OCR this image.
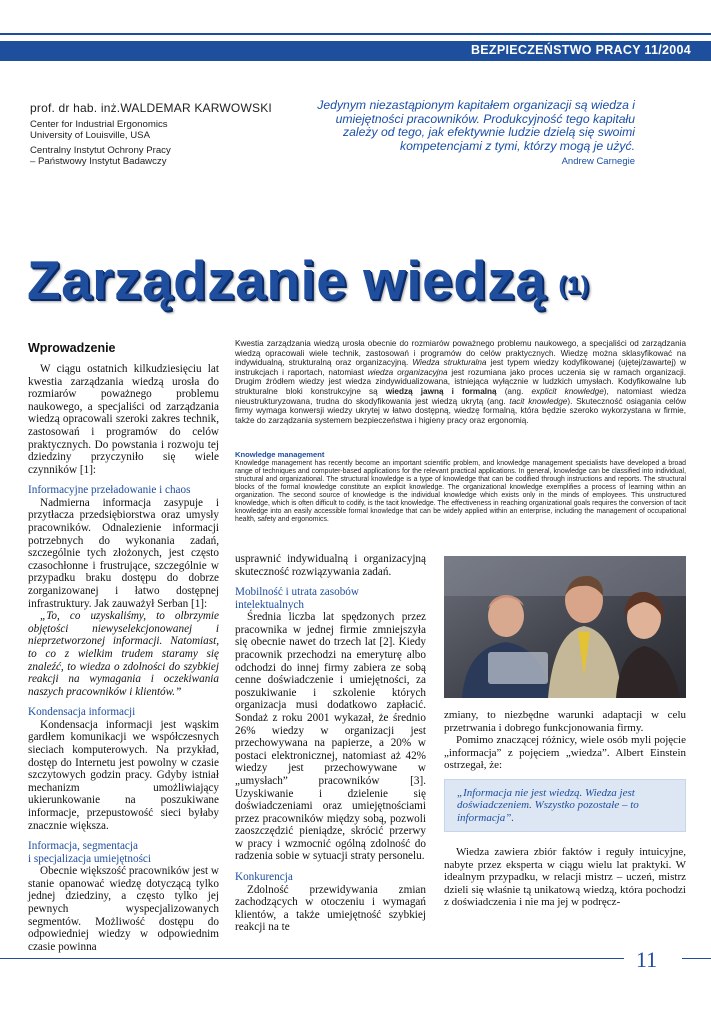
BEZPIECZEŃSTWO PRACY 11/2004
prof. dr hab. inż.WALDEMAR KARWOWSKI
Center for Industrial Ergonomics
University of Louisville, USA
Centralny Instytut Ochrony Pracy
– Państwowy Instytut Badawczy
Jedynym niezastąpionym kapitałem organizacji są wiedza i umiejętności pracowników. Produkcyjność tego kapitału zależy od tego, jak efektywnie ludzie dzielą się swoimi kompetencjami z tymi, którzy mogą je użyć.
Andrew Carnegie
Zarządzanie wiedzą (1)
Wprowadzenie
W ciągu ostatnich kilkudziesięciu lat kwestia zarządzania wiedzą urosła do rozmiarów poważnego problemu naukowego, a specjaliści od zarządzania wiedzą opracowali szeroki zakres technik, zastosowań i programów do celów praktycznych. Do powstania i rozwoju tej dziedziny przyczyniło się wiele czynników [1]:
Informacyjne przeładowanie i chaos
Nadmierna informacja zasypuje i przytłacza przedsiębiorstwa oraz umysły pracowników. Odnalezienie informacji potrzebnych do wykonania zadań, szczególnie tych złożonych, jest często czasochłonne i frustrujące, szczególnie w przypadku braku dostępu do dobrze zorganizowanej i łatwo dostępnej infrastruktury. Jak zauważył Serban [1]:
„To, co uzyskaliśmy, to olbrzymie objętości niewyselekcjonowanej i nieprzetworzonej informacji. Natomiast, to co z wielkim trudem staramy się znaleźć, to wiedza o zdolności do szybkiej reakcji na wymagania i oczekiwania naszych pracowników i klientów.”
Kondensacja informacji
Kondensacja informacji jest wąskim gardłem komunikacji we współczesnych sieciach komputerowych. Na przykład, dostęp do Internetu jest powolny w czasie szczytowych godzin pracy. Gdyby istniał mechanizm umożliwiający ukierunkowanie na poszukiwane informacje, przepustowość sieci byłaby znacznie większa.
Informacja, segmentacja
i specjalizacja umiejętności
Obecnie większość pracowników jest w stanie opanować wiedzę dotyczącą tylko jednej dziedziny, a często tylko jej pewnych wyspecjalizowanych segmentów. Możliwość dostępu do odpowiedniej wiedzy w odpowiednim czasie powinna
Kwestia zarządzania wiedzą urosła obecnie do rozmiarów poważnego problemu naukowego, a specjaliści od zarządzania wiedzą opracowali wiele technik, zastosowań i programów do celów praktycznych. Wiedzę można sklasyfikować na indywidualną, strukturalną oraz organizacyjną. Wiedza strukturalna jest typem wiedzy kodyfikowanej (ujętej/zawartej) w instrukcjach i raportach, natomiast wiedza organizacyjna jest rozumiana jako proces uczenia się w ramach organizacji. Drugim źródłem wiedzy jest wiedza zindywidualizowana, istniejąca wyłącznie w ludzkich umysłach. Kodyfikowalne lub strukturalne bloki konstrukcyjne są wiedzą jawną i formalną (ang. explicit knowledge), natomiast wiedza nieustrukturyzowana, trudna do skodyfikowania jest wiedzą ukrytą (ang. tacit knowledge). Skuteczność osiągania celów firmy wymaga konwersji wiedzy ukrytej w łatwo dostępną, wiedzę formalną, która będzie szeroko wykorzystana w firmie, także do zarządzania systemem bezpieczeństwa i higieny pracy oraz ergonomią.
Knowledge management
Knowledge management has recently become an important scientific problem, and knowledge management specialists have developed a broad range of techniques and computer-based applications for the relevant practical applications. In general, knowledge can be classified into individual, structural and organizational. The structural knowledge is a type of knowledge that can be codified through instructions and reports. The structural blocks of the formal knowledge constitute an explicit knowledge. The organizational knowledge exemplifies a process of learning within an organization. The second source of knowledge is the individual knowledge which exists only in the minds of employees. This unstructured knowledge, which is often difficult to codify, is the tacit knowledge. The effectiveness in reaching organizational goals requires the conversion of tacit knowledge into an easily accessible formal knowledge that can be widely applied within an enterprise, including the management of occupational health, safety and ergonomics.
usprawnić indywidualną i organizacyjną skuteczność rozwiązywania zadań.
Mobilność i utrata zasobów
intelektualnych
Średnia liczba lat spędzonych przez pracownika w jednej firmie zmniejszyła się obecnie nawet do trzech lat [2]. Kiedy pracownik przechodzi na emeryturę albo odchodzi do innej firmy zabiera ze sobą cenne doświadczenie i umiejętności, za poszukiwanie i szkolenie których organizacja musi dodatkowo zapłacić. Sondaż z roku 2001 wykazał, że średnio 26% wiedzy w organizacji jest przechowywana na papierze, a 20% w postaci elektronicznej, natomiast aż 42% wiedzy jest przechowywane w „umysłach” pracowników [3]. Uzyskiwanie i dzielenie się doświadczeniami oraz umiejętnościami przez pracowników między sobą, pozwoli zaoszczędzić pieniądze, skrócić przerwy w pracy i wzmocnić ogólną zdolność do radzenia sobie w sytuacji straty personelu.
Konkurencja
Zdolność przewidywania zmian zachodzących w otoczeniu i wymagań klientów, a także umiejętność szybkiej reakcji na te
zmiany, to niezbędne warunki adaptacji w celu przetrwania i dobrego funkcjonowania firmy.
Pomimo znaczącej różnicy, wiele osób myli pojęcie „informacja” z pojęciem „wiedza”. Albert Einstein ostrzegał, że:
„Informacja nie jest wiedzą. Wiedza jest doświadczeniem. Wszystko pozostałe – to informacja”.
Wiedza zawiera zbiór faktów i reguły intuicyjne, nabyte przez eksperta w ciągu wielu lat praktyki. W idealnym przypadku, w relacji mistrz – uczeń, mistrz dzieli się właśnie tą unikatową wiedzą, która pochodzi z doświadczenia i nie ma jej w podręcz-
11
